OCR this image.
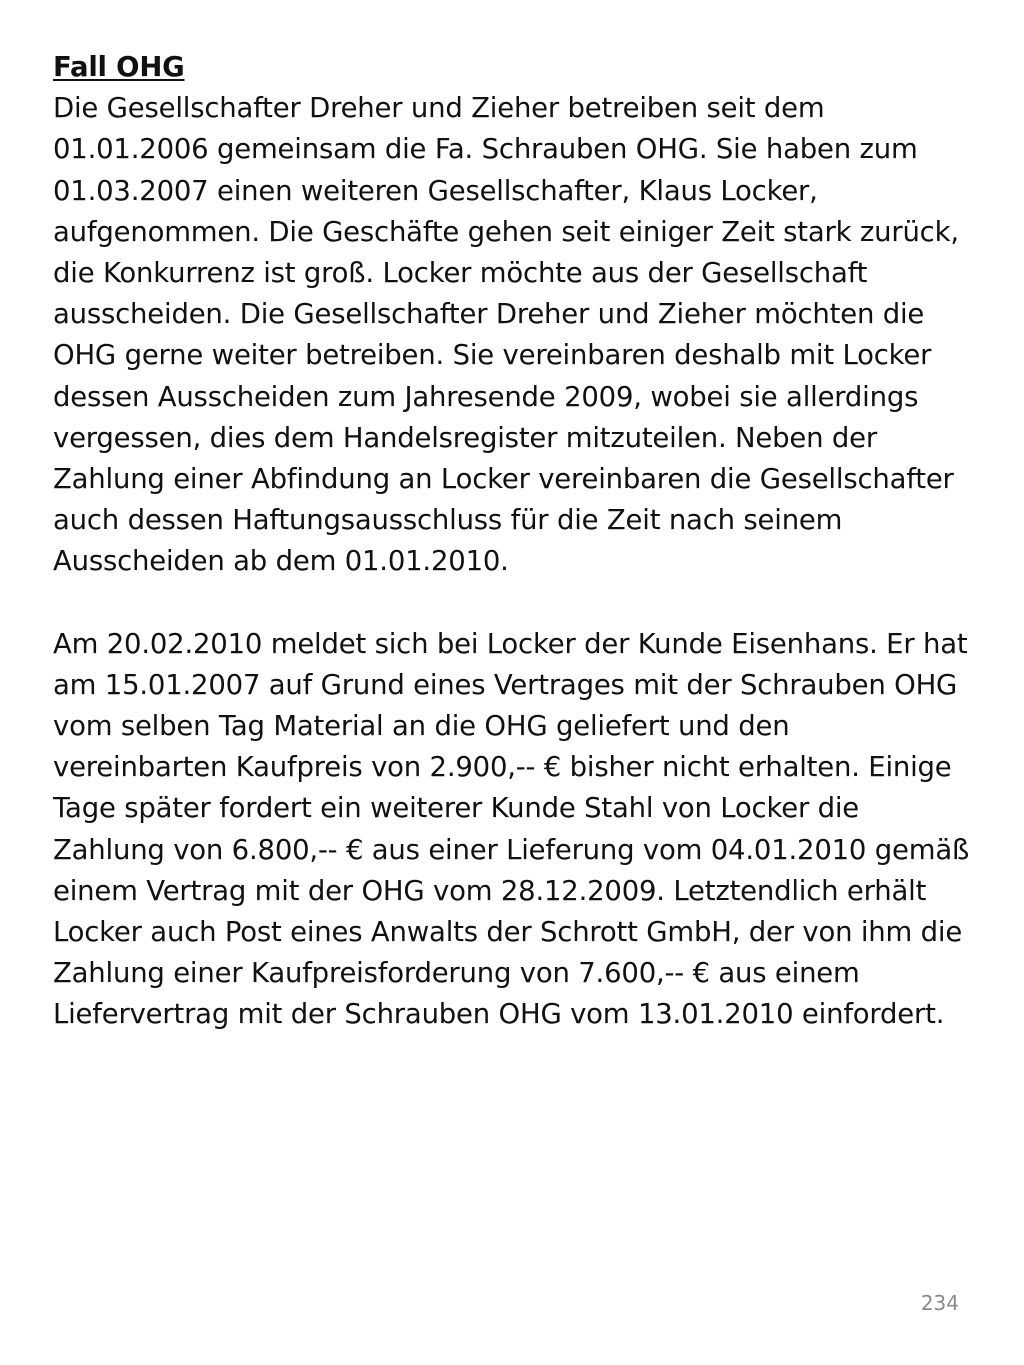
Fall OHG
Die Gesellschafter Dreher und Zieher betreiben seit dem
01.01.2006 gemeinsam die Fa. Schrauben OHG. Sie haben zum
01.03.2007 einen weiteren Gesellschafter, Klaus Locker,
aufgenommen. Die Geschäfte gehen seit einiger Zeit stark zurück,
die Konkurrenz ist groß. Locker möchte aus der Gesellschaft
ausscheiden. Die Gesellschafter Dreher und Zieher möchten die
OHG gerne weiter betreiben. Sie vereinbaren deshalb mit Locker
dessen Ausscheiden zum Jahresende 2009, wobei sie allerdings
vergessen, dies dem Handelsregister mitzuteilen. Neben der
Zahlung einer Abfindung an Locker vereinbaren die Gesellschafter
auch dessen Haftungsausschluss für die Zeit nach seinem
Ausscheiden ab dem 01.01.2010.
Am 20.02.2010 meldet sich bei Locker der Kunde Eisenhans. Er hat
am 15.01.2007 auf Grund eines Vertrages mit der Schrauben OHG
vom selben Tag Material an die OHG geliefert und den
vereinbarten Kaufpreis von 2.900,-- € bisher nicht erhalten. Einige
Tage später fordert ein weiterer Kunde Stahl von Locker die
Zahlung von 6.800,-- € aus einer Lieferung vom 04.01.2010 gemäß
einem Vertrag mit der OHG vom 28.12.2009. Letztendlich erhält
Locker auch Post eines Anwalts der Schrott GmbH, der von ihm die
Zahlung einer Kaufpreisforderung von 7.600,-- € aus einem
Liefervertrag mit der Schrauben OHG vom 13.01.2010 einfordert.
234
